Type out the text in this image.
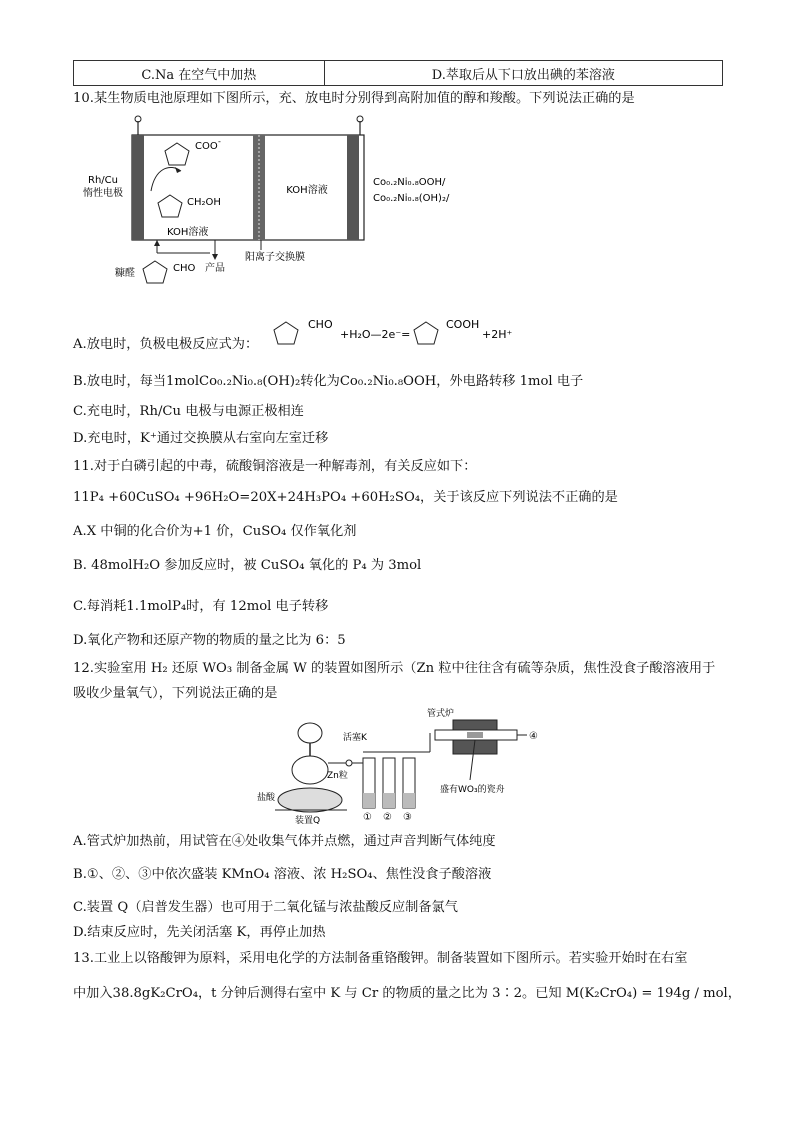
C.Na 在空气中加热	D.萃取后从下口放出碘的苯溶液
10.某生物质电池原理如下图所示，充、放电时分别得到高附加值的醇和羧酸。下列说法正确的是
Rh/Cu
惰性电极
COO -
CH₂OH
KOH溶液
KOH溶液
Co₀.₂Ni₀.₈OOH/
Co₀.₂Ni₀.₈(OH)₂/
阳离子交换膜
糠醛	CHO 产品
A.放电时，负极电极反应式为：
CHO
+H₂O—2e⁻=
COOH
+2H⁺
B.放电时，每当1molCo₀.₂Ni₀.₈(OH)₂转化为Co₀.₂Ni₀.₈OOH，外电路转移 1mol 电子
C.充电时，Rh/Cu 电极与电源正极相连
D.充电时，K⁺通过交换膜从右室向左室迁移
11.对于白磷引起的中毒，硫酸铜溶液是一种解毒剂，有关反应如下：
11P₄ +60CuSO₄ +96H₂O=20X+24H₃PO₄ +60H₂SO₄，关于该反应下列说法不正确的是
A.X 中铜的化合价为+1 价，CuSO₄ 仅作氧化剂
B. 48molH₂O 参加反应时，被 CuSO₄ 氧化的 P₄ 为 3mol
C.每消耗1.1molP₄时，有 12mol 电子转移
D.氧化产物和还原产物的物质的量之比为 6：5
12.实验室用 H₂ 还原 WO₃ 制备金属 W 的装置如图所示（Zn 粒中往往含有硫等杂质，焦性没食子酸溶液用于
吸收少量氧气），下列说法正确的是
Zn粒
盐酸
装置Q
活塞K
① ② ③
管式炉
④
盛有WO₃的瓷舟
A.管式炉加热前，用试管在④处收集气体并点燃，通过声音判断气体纯度
B.①、②、③中依次盛装 KMnO₄ 溶液、浓 H₂SO₄、焦性没食子酸溶液
C.装置 Q（启普发生器）也可用于二氧化锰与浓盐酸反应制备氯气
D.结束反应时，先关闭活塞 K，再停止加热
13.工业上以铬酸钾为原料，采用电化学的方法制备重铬酸钾。制备装置如下图所示。若实验开始时在右室
中加入38.8gK₂CrO₄，t 分钟后测得右室中 K 与 Cr 的物质的量之比为 3∶2。已知 M(K₂CrO₄) = 194g / mol，
